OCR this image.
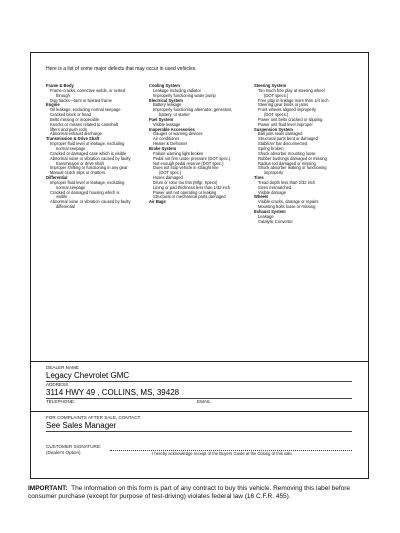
Here is a list of some major defects that may occur in used vehicles.
Frame & Body
Frame-cracks, corrective welds, or rusted
through
Dog tracks—bent or twisted frame
Engine
Oil leakage, excluding normal seepage
Cracked block or head
Belts missing or inoperable
Knocks or misses related to camshaft
lifters and push rods
Abnormal exhaust discharge
Transmission & Drive Shaft
Improper fluid level or leakage, excluding
normal seepage
Cracked or damaged case which is visible
Abnormal noise or vibration caused by faulty
transmission or drive shaft
Improper shifting or functioning in any gear
Manual clutch slips or chatters
Differential
Improper fluid level or leakage, excluding
normal seepage
Cracked or damaged housing which is
visible
Abnormal noise or vibration caused by faulty
differential
Cooling System
Leakage including radiator
Improperly functioning water pump
Electrical System
Battery leakage
Improperly functioning alternator, generator,
battery, or starter
Fuel System
Visible leakage
Inoperable Accessories
Gauges or warning devices
Air conditioner
Heater & Defroster
Brake System
Failure warning light broken
Pedal not firm under pressure (DOT spec.)
Not enough pedal reserve (DOT spec.)
Does not stop vehicle in straight line
(DOT spec.)
Hoses damaged
Drum or rotor too thin (Mfgr. Specs)
Lining or pad thickness less than 1/32 inch
Power unit not operating or leaking
Structural or mechanical parts damaged
Air Bags
Steering System
Too much free play at steering wheel
(DOT specs.)
Free play in linkage more than 1/4 inch
Steering gear binds or jams
Front wheels aligned improperly
(DOT specs.)
Power unit belts cracked or slipping
Power unit fluid level improper
Suspension System
Ball joint seals damaged
Structural parts bent or damaged
Stabilizer bar disconnected
Spring broken
Shock absorber mounting loose
Rubber bushings damaged or missing
Radius rod damaged or missing
Shock absorber leaking or functioning
improperly
Tires
Tread depth less than 2/32 inch
Sizes mismatched
Visible damage
Wheels
Visible cracks, damage or repairs
Mounting bolts loose or missing
Exhaust System
Leakage
Catalytic Converter
DEALER NAME
Legacy Chevrolet GMC
ADDRESS
3114 HWY 49 , COLLINS, MS, 39428
TELEPHONE:	EMAIL
FOR COMPLAINTS AFTER SALE, CONTACT:
See Sales Manager
CUSTOMER SIGNATURE:
(Dealer's Option)	I hereby acknowledge receipt of the Buyers Guide at the closing of this sale.
IMPORTANT: The information on this form is part of any contract to buy this vehicle. Removing this label before consumer purchase (except for purpose of test-driving) violates federal law (16 C.F.R. 455).
